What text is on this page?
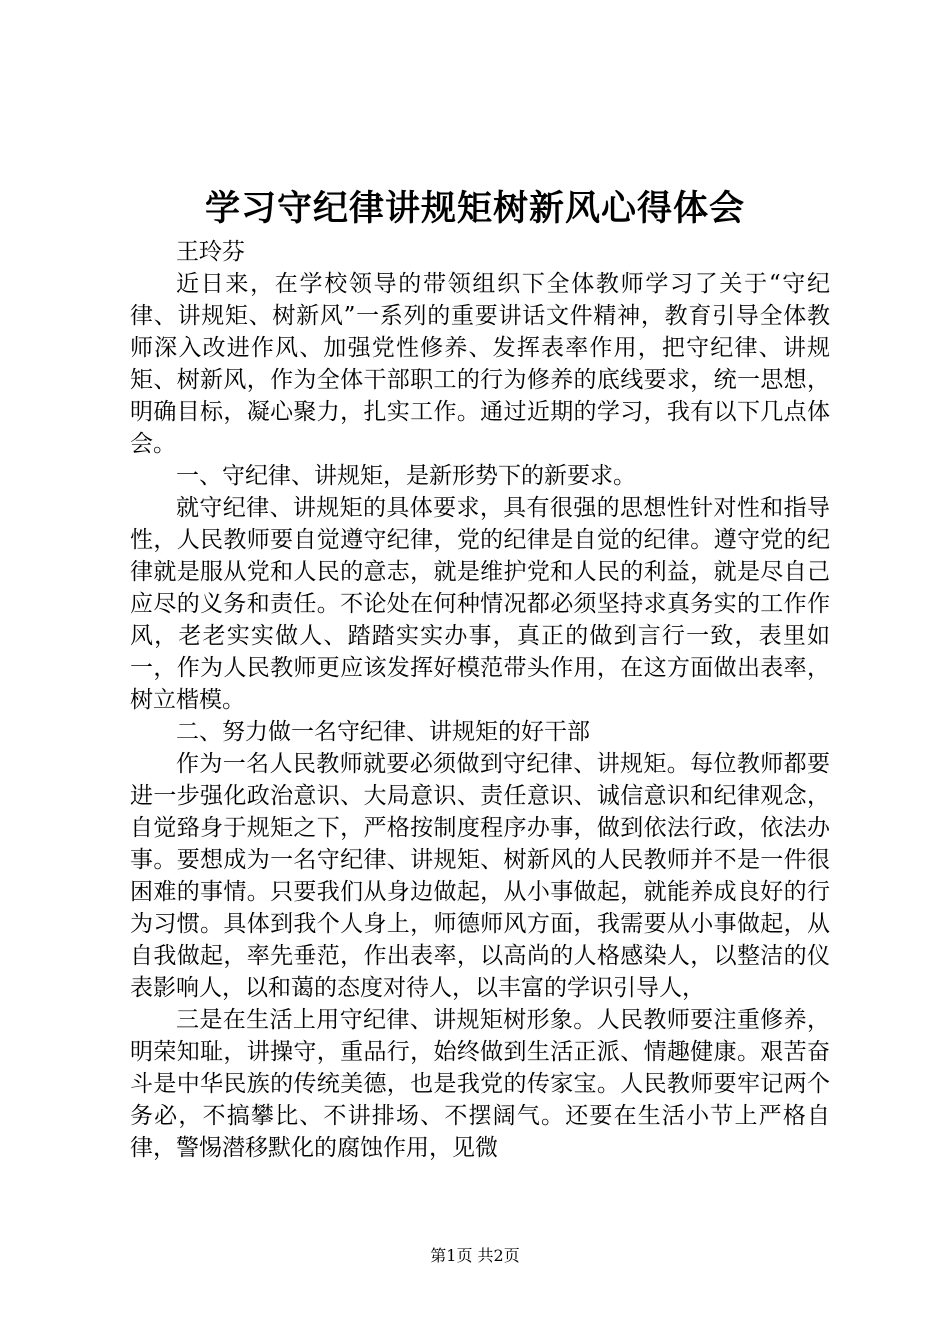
学习守纪律讲规矩树新风心得体会

王玲芬

近日来，在学校领导的带领组织下全体教师学习了关于“守纪律、讲规矩、树新风”一系列的重要讲话文件精神，教育引导全体教师深入改进作风、加强党性修养、发挥表率作用，把守纪律、讲规矩、树新风，作为全体干部职工的行为修养的底线要求，统一思想，明确目标，凝心聚力，扎实工作。通过近期的学习，我有以下几点体会。

一、守纪律、讲规矩，是新形势下的新要求。

就守纪律、讲规矩的具体要求，具有很强的思想性针对性和指导性，人民教师要自觉遵守纪律，党的纪律是自觉的纪律。遵守党的纪律就是服从党和人民的意志，就是维护党和人民的利益，就是尽自己应尽的义务和责任。不论处在何种情况都必须坚持求真务实的工作作风，老老实实做人、踏踏实实办事，真正的做到言行一致，表里如一，作为人民教师更应该发挥好模范带头作用，在这方面做出表率，树立楷模。

二、努力做一名守纪律、讲规矩的好干部

作为一名人民教师就要必须做到守纪律、讲规矩。每位教师都要进一步强化政治意识、大局意识、责任意识、诚信意识和纪律观念，自觉臵身于规矩之下，严格按制度程序办事，做到依法行政，依法办事。要想成为一名守纪律、讲规矩、树新风的人民教师并不是一件很困难的事情。只要我们从身边做起，从小事做起，就能养成良好的行为习惯。具体到我个人身上，师德师风方面，我需要从小事做起，从自我做起，率先垂范，作出表率，以高尚的人格感染人，以整洁的仪表影响人，以和蔼的态度对待人，以丰富的学识引导人，

三是在生活上用守纪律、讲规矩树形象。人民教师要注重修养，明荣知耻，讲操守，重品行，始终做到生活正派、情趣健康。艰苦奋斗是中华民族的传统美德，也是我党的传家宝。人民教师要牢记两个务必，不搞攀比、不讲排场、不摆阔气。还要在生活小节上严格自律，警惕潜移默化的腐蚀作用，见微

第1页 共2页
